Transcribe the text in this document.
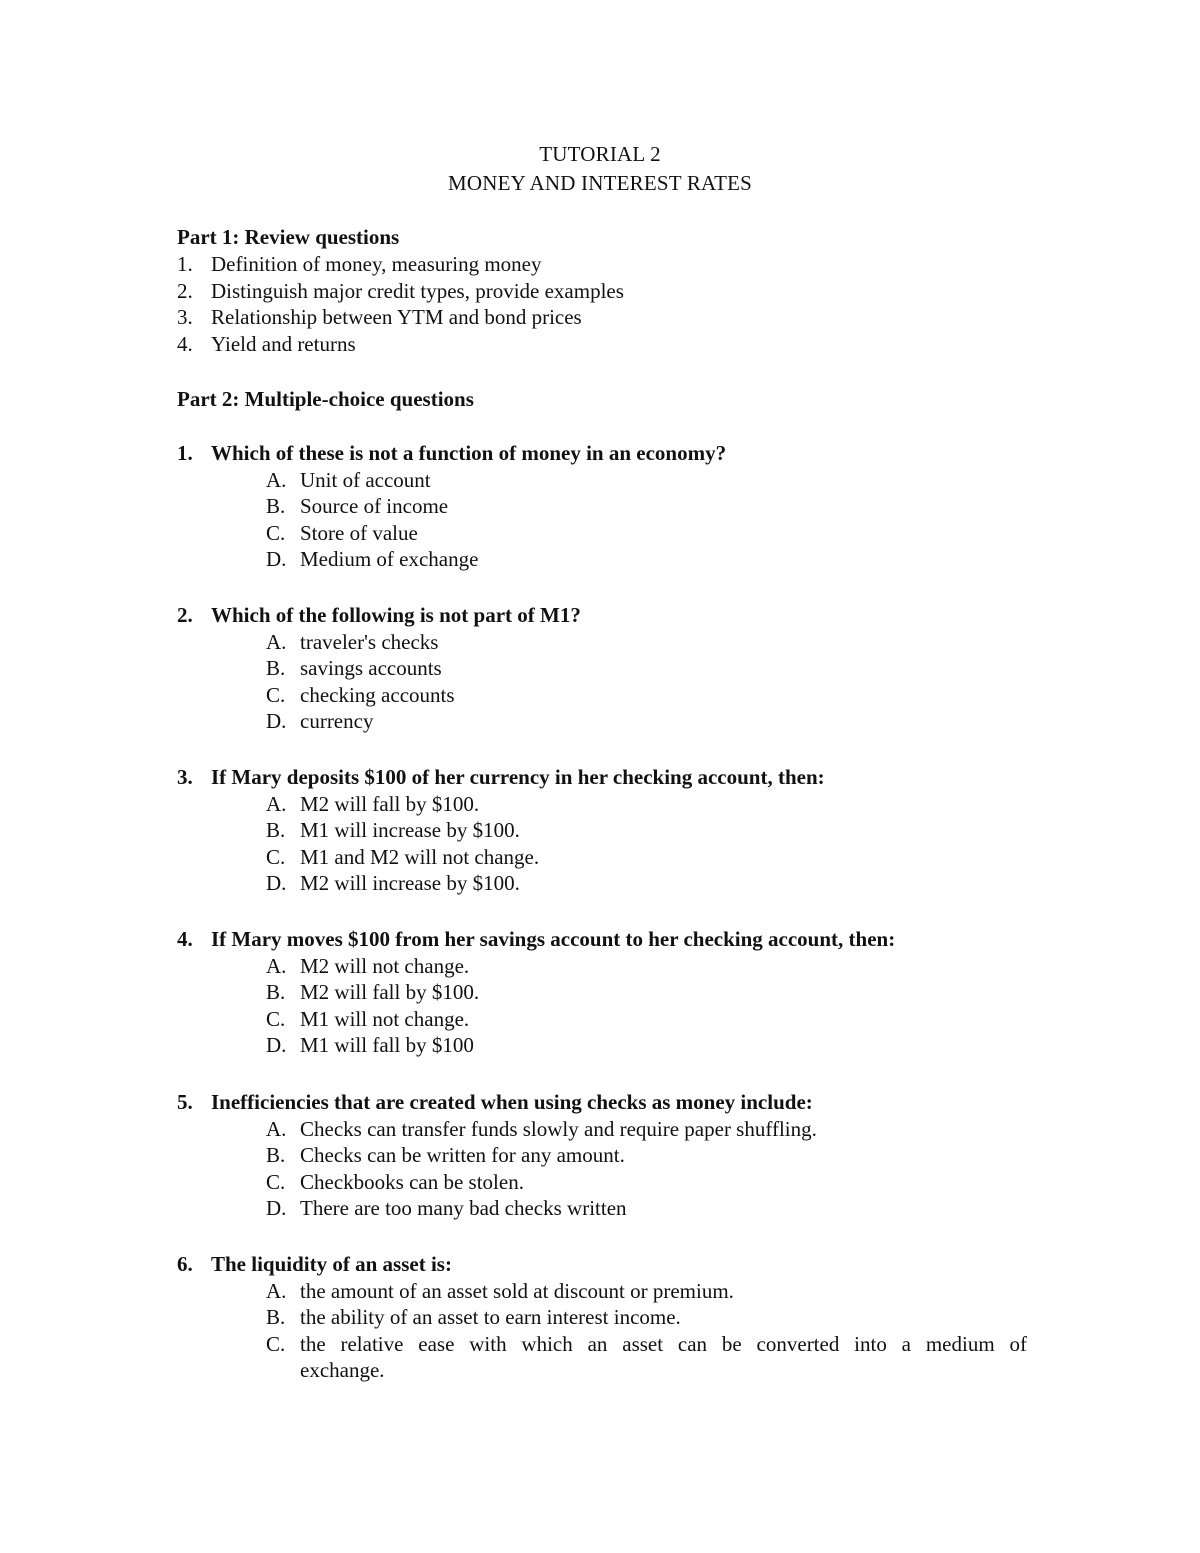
TUTORIAL 2
MONEY AND INTEREST RATES
Part 1: Review questions
1. Definition of money, measuring money
2. Distinguish major credit types, provide examples
3. Relationship between YTM and bond prices
4. Yield and returns
Part 2: Multiple-choice questions
1. Which of these is not a function of money in an economy?
A. Unit of account
B. Source of income
C. Store of value
D. Medium of exchange
2. Which of the following is not part of M1?
A. traveler's checks
B. savings accounts
C. checking accounts
D. currency
3. If Mary deposits $100 of her currency in her checking account, then:
A. M2 will fall by $100.
B. M1 will increase by $100.
C. M1 and M2 will not change.
D. M2 will increase by $100.
4. If Mary moves $100 from her savings account to her checking account, then:
A. M2 will not change.
B. M2 will fall by $100.
C. M1 will not change.
D. M1 will fall by $100
5. Inefficiencies that are created when using checks as money include:
A. Checks can transfer funds slowly and require paper shuffling.
B. Checks can be written for any amount.
C. Checkbooks can be stolen.
D. There are too many bad checks written
6. The liquidity of an asset is:
A. the amount of an asset sold at discount or premium.
B. the ability of an asset to earn interest income.
C. the relative ease with which an asset can be converted into a medium of exchange.
